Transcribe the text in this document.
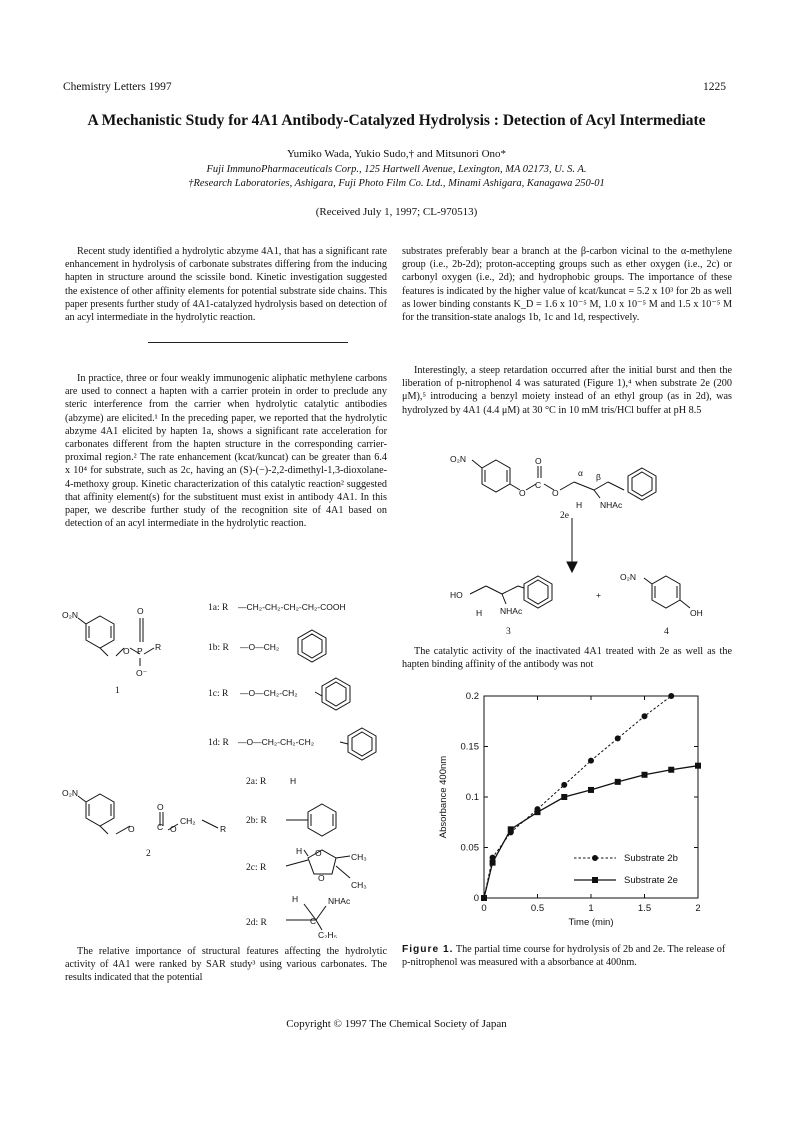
Chemistry Letters 1997	1225
A Mechanistic Study for 4A1 Antibody-Catalyzed Hydrolysis : Detection of Acyl Intermediate
Yumiko Wada, Yukio Sudo,† and Mitsunori Ono*
Fuji ImmunoPharmaceuticals Corp., 125 Hartwell Avenue, Lexington, MA 02173, U. S. A.
†Research Laboratories, Ashigara, Fuji Photo Film Co. Ltd., Minami Ashigara, Kanagawa 250-01
(Received July 1, 1997; CL-970513)
Recent study identified a hydrolytic abzyme 4A1, that has a significant rate enhancement in hydrolysis of carbonate substrates differing from the inducing hapten in structure around the scissile bond. Kinetic investigation suggested the existence of other affinity elements for potential substrate side chains. This paper presents further study of 4A1-catalyzed hydrolysis based on detection of an acyl intermediate in the hydrolytic reaction.
In practice, three or four weakly immunogenic aliphatic methylene carbons are used to connect a hapten with a carrier protein in order to preclude any steric interference from the carrier when hydrolytic catalytic antibodies (abzyme) are elicited.¹ In the preceding paper, we reported that the hydrolytic abzyme 4A1 elicited by hapten 1a, shows a significant rate acceleration for carbonates different from the hapten structure in the corresponding carrier-proximal region.² The rate enhancement (kcat/kuncat) can be greater than 6.4 x 10⁴ for substrate, such as 2c, having an (S)-(−)-2,2-dimethyl-1,3-dioxolane-4-methoxy group. Kinetic characterization of this catalytic reaction² suggested that affinity element(s) for the substituent must exist in antibody 4A1. In this paper, we describe further study of the recognition site of 4A1 based on detection of an acyl intermediate in the hydrolytic reaction.
O₂N
O P
O
R
O⁻
1
1a: R —CH₂-CH₂-CH₂-CH₂-COOH
1b: R —O—CH₂
1c: R —O—CH₂-CH₂
1d: R —O—CH₂-CH₂-CH₂
O₂N
O	C
O
O
CH₂
R
2
2a: R	H
2b: R
2c: R
H O
O
CH₃
CH₃
2d: R
H
C
NHAc
C₂H₅
The relative importance of structural features affecting the hydrolytic activity of 4A1 were ranked by SAR study³ using various carbonates. The results indicated that the potential
substrates preferably bear a branch at the β-carbon vicinal to the α-methylene group (i.e., 2b-2d); proton-accepting groups such as ether oxygen (i.e., 2c) or carbonyl oxygen (i.e., 2d); and hydrophobic groups. The importance of these features is indicated by the higher value of kcat/kuncat = 5.2 x 10³ for 2b as well as lower binding constants K_D = 1.6 x 10⁻⁵ M, 1.0 x 10⁻⁵ M and 1.5 x 10⁻⁵ M for the transition-state analogs 1b, 1c and 1d, respectively.
Interestingly, a steep retardation occurred after the initial burst and then the liberation of p-nitrophenol 4 was saturated (Figure 1),⁴ when substrate 2e (200 μM),⁵ introducing a benzyl moiety instead of an ethyl group (as in 2d), was hydrolyzed by 4A1 (4.4 μM) at 30 °C in 10 mM tris/HCl buffer at pH 8.5
O₂N
O
C
O
O
α β
H NHAc
2e
HO
H NHAc
+
O₂N
OH
3	4
The catalytic activity of the inactivated 4A1 treated with 2e as well as the hapten binding affinity of the antibody was not
0	0.5	1	1.5	2
0
0.05
0.1
0.15
0.2
Substrate 2b
Substrate 2e
Time (min)
Absorbance 400nm
Figure 1. The partial time course for hydrolysis of 2b and 2e. The release of p-nitrophenol was measured with a absorbance at 400nm.
Copyright © 1997 The Chemical Society of Japan
